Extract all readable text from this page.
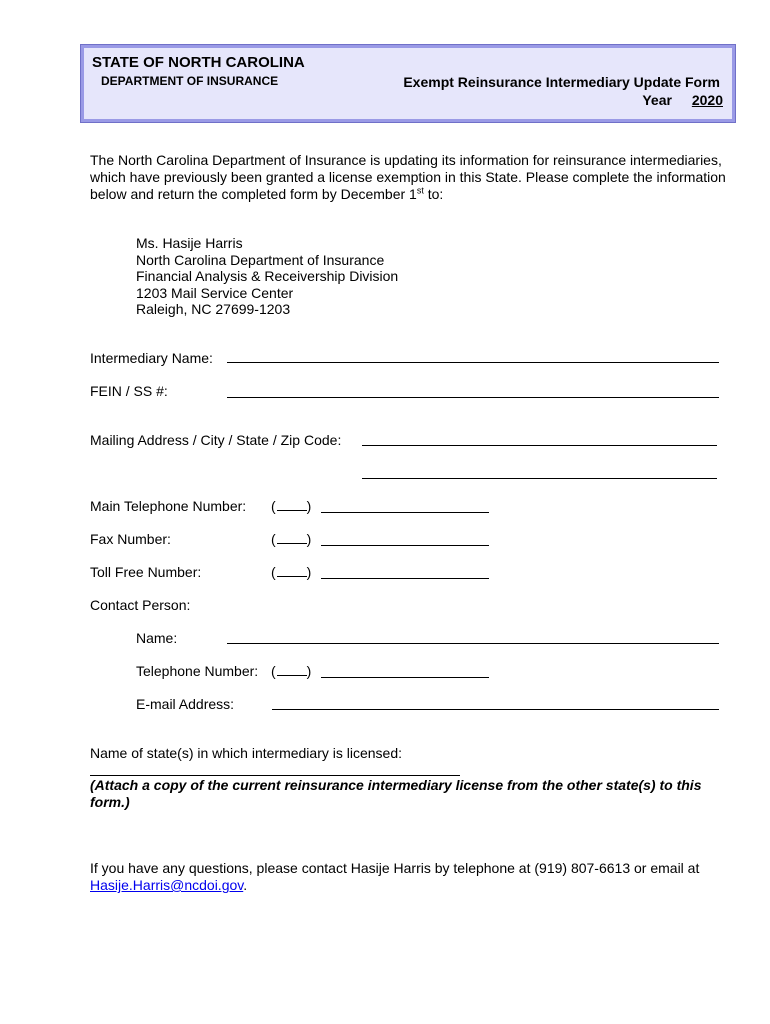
STATE OF NORTH CAROLINA
DEPARTMENT OF INSURANCE	Exempt Reinsurance Intermediary Update Form
Year 2020

The North Carolina Department of Insurance is updating its information for reinsurance intermediaries, which have previously been granted a license exemption in this State. Please complete the information below and return the completed form by December 1st to:

Ms. Hasije Harris
North Carolina Department of Insurance
Financial Analysis & Receivership Division
1203 Mail Service Center
Raleigh, NC 27699-1203
Intermediary Name:
FEIN / SS #:
Mailing Address / City / State / Zip Code:
Main Telephone Number: ( )
Fax Number:	( )
Toll Free Number:	( )
Contact Person:
Name:
Telephone Number: ( )
E-mail Address:
Name of state(s) in which intermediary is licensed:
(Attach a copy of the current reinsurance intermediary license from the other state(s) to this form.)
If you have any questions, please contact Hasije Harris by telephone at (919) 807-6613 or email at Hasije.Harris@ncdoi.gov.
